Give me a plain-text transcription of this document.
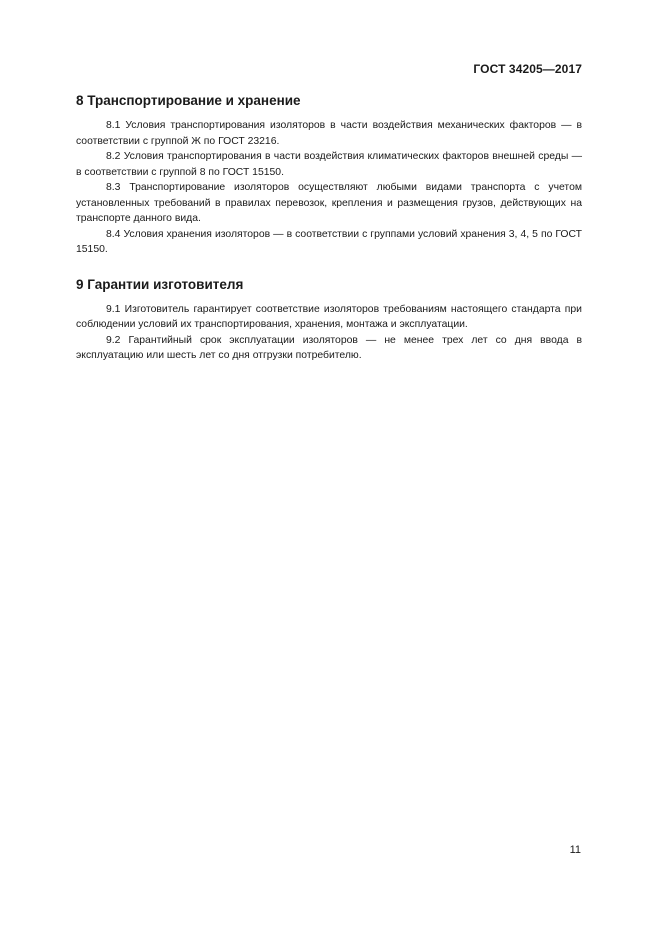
ГОСТ 34205—2017
8 Транспортирование и хранение

8.1 Условия транспортирования изоляторов в части воздействия механических факторов — в соответствии с группой Ж по ГОСТ 23216.

8.2 Условия транспортирования в части воздействия климатических факторов внешней среды — в соответствии с группой 8 по ГОСТ 15150.

8.3 Транспортирование изоляторов осуществляют любыми видами транспорта с учетом установленных требований в правилах перевозок, крепления и размещения грузов, действующих на транспорте данного вида.

8.4 Условия хранения изоляторов — в соответствии с группами условий хранения 3, 4, 5 по ГОСТ 15150.

9 Гарантии изготовителя

9.1 Изготовитель гарантирует соответствие изоляторов требованиям настоящего стандарта при соблюдении условий их транспортирования, хранения, монтажа и эксплуатации.

9.2 Гарантийный срок эксплуатации изоляторов — не менее трех лет со дня ввода в эксплуатацию или шесть лет со дня отгрузки потребителю.

11
